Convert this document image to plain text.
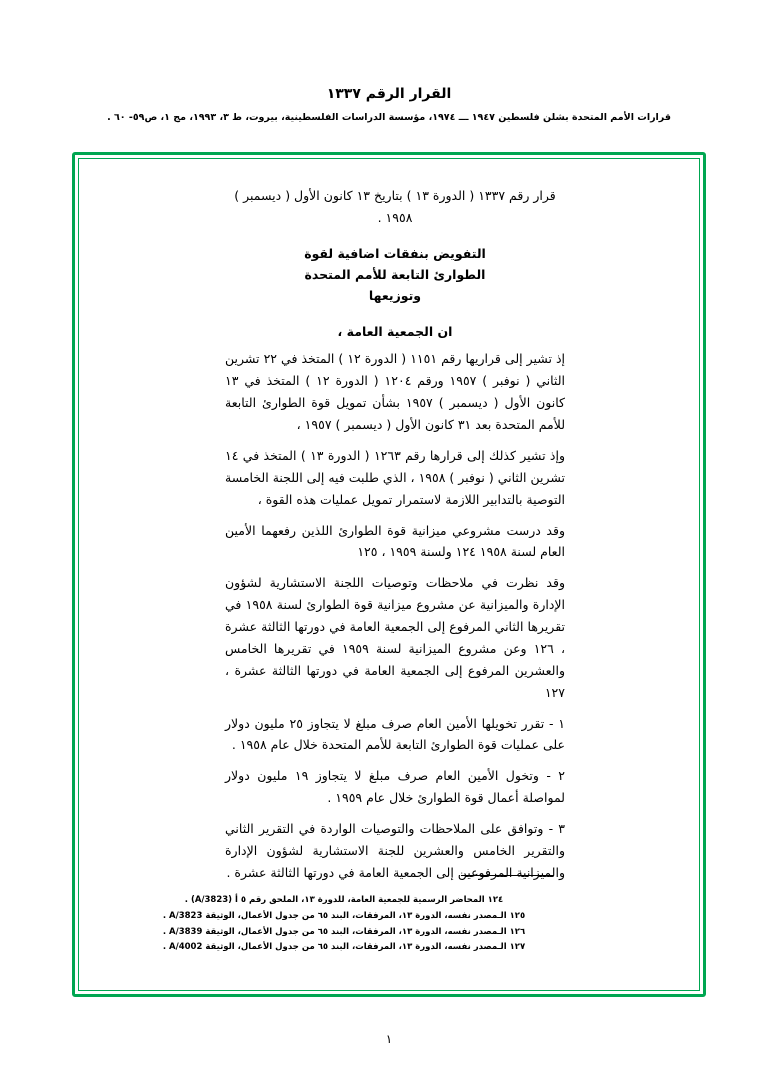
القرار الرقم ١٣٣٧
قرارات الأمم المتحدة بشلن فلسطين ١٩٤٧ ـــ ١٩٧٤، مؤسسة الدراسات الفلسطينية، بيروت، ط ٣، ١٩٩٣، مج ١، ص٥٩- ٦٠ .
قرار رقم ١٣٣٧ ( الدورة ١٣ ) بتاريخ ١٣ كانون الأول ( ديسمبر )
١٩٥٨ .
التفويض بنفقات اضافية لقوة
الطوارئ التابعة للأمم المتحدة
وتوزيعها
ان الجمعية العامة ،
إذ تشير إلى قراريها رقم ١١٥١ ( الدورة ١٢ ) المتخذ في ٢٢ تشرين الثاني ( نوفبر ) ١٩٥٧ ورقم ١٢٠٤ ( الدورة ١٢ ) المتخذ في ١٣ كانون الأول ( ديسمبر ) ١٩٥٧ بشأن تمويل قوة الطوارئ التابعة للأمم المتحدة بعد ٣١ كانون الأول ( ديسمبر ) ١٩٥٧ ،
وإذ تشير كذلك إلى قرارها رقم ١٢٦٣ ( الدورة ١٣ ) المتخذ في ١٤ تشرين الثاني ( نوفبر ) ١٩٥٨ ، الذي طلبت فيه إلى اللجنة الخامسة التوصية بالتدابير اللازمة لاستمرار تمويل عمليات هذه القوة ،
وقد درست مشروعي ميزانية قوة الطوارئ اللذين رفعهما الأمين العام لسنة ١٩٥٨ ١٢٤ ولسنة ١٩٥٩ ، ١٢٥
وقد نظرت في ملاحظات وتوصيات اللجنة الاستشارية لشؤون الإدارة والميزانية عن مشروع ميزانية قوة الطوارئ لسنة ١٩٥٨ في تقريرها الثاني المرفوع إلى الجمعية العامة في دورتها الثالثة عشرة ، ١٢٦ وعن مشروع الميزانية لسنة ١٩٥٩ في تقريرها الخامس والعشرين المرفوع إلى الجمعية العامة في دورتها الثالثة عشرة ، ١٢٧
١ - تقرر تخويلها الأمين العام صرف مبلغ لا يتجاوز ٢٥ مليون دولار على عمليات قوة الطوارئ التابعة للأمم المتحدة خلال عام ١٩٥٨ .
٢ - وتخول الأمين العام صرف مبلغ لا يتجاوز ١٩ مليون دولار لمواصلة أعمال قوة الطوارئ خلال عام ١٩٥٩ .
٣ - وتوافق على الملاحظات والتوصيات الواردة في التقرير الثاني والتقرير الخامس والعشرين للجنة الاستشارية لشؤون الإدارة والميزانية المرفوعين إلى الجمعية العامة في دورتها الثالثة عشرة .
١٢٤ المحاضر الرسمية للجمعية العامة، للدورة ١٣، الملحق رقم ٥ أ (A/3823) .
١٢٥ الـمصدر نفسه، الدورة ١٣، المرفقات، البند ٦٥ من جدول الأعمال، الوثيقة A/3823 .
١٢٦ الـمصدر نفسه، الدورة ١٣، المرفقات، البند ٦٥ من جدول الأعمال، الوثيقة A/3839 .
١٢٧ الـمصدر نفسه، الدورة ١٣، المرفقات، البند ٦٥ من جدول الأعمال، الوثيقة A/4002 .
١
